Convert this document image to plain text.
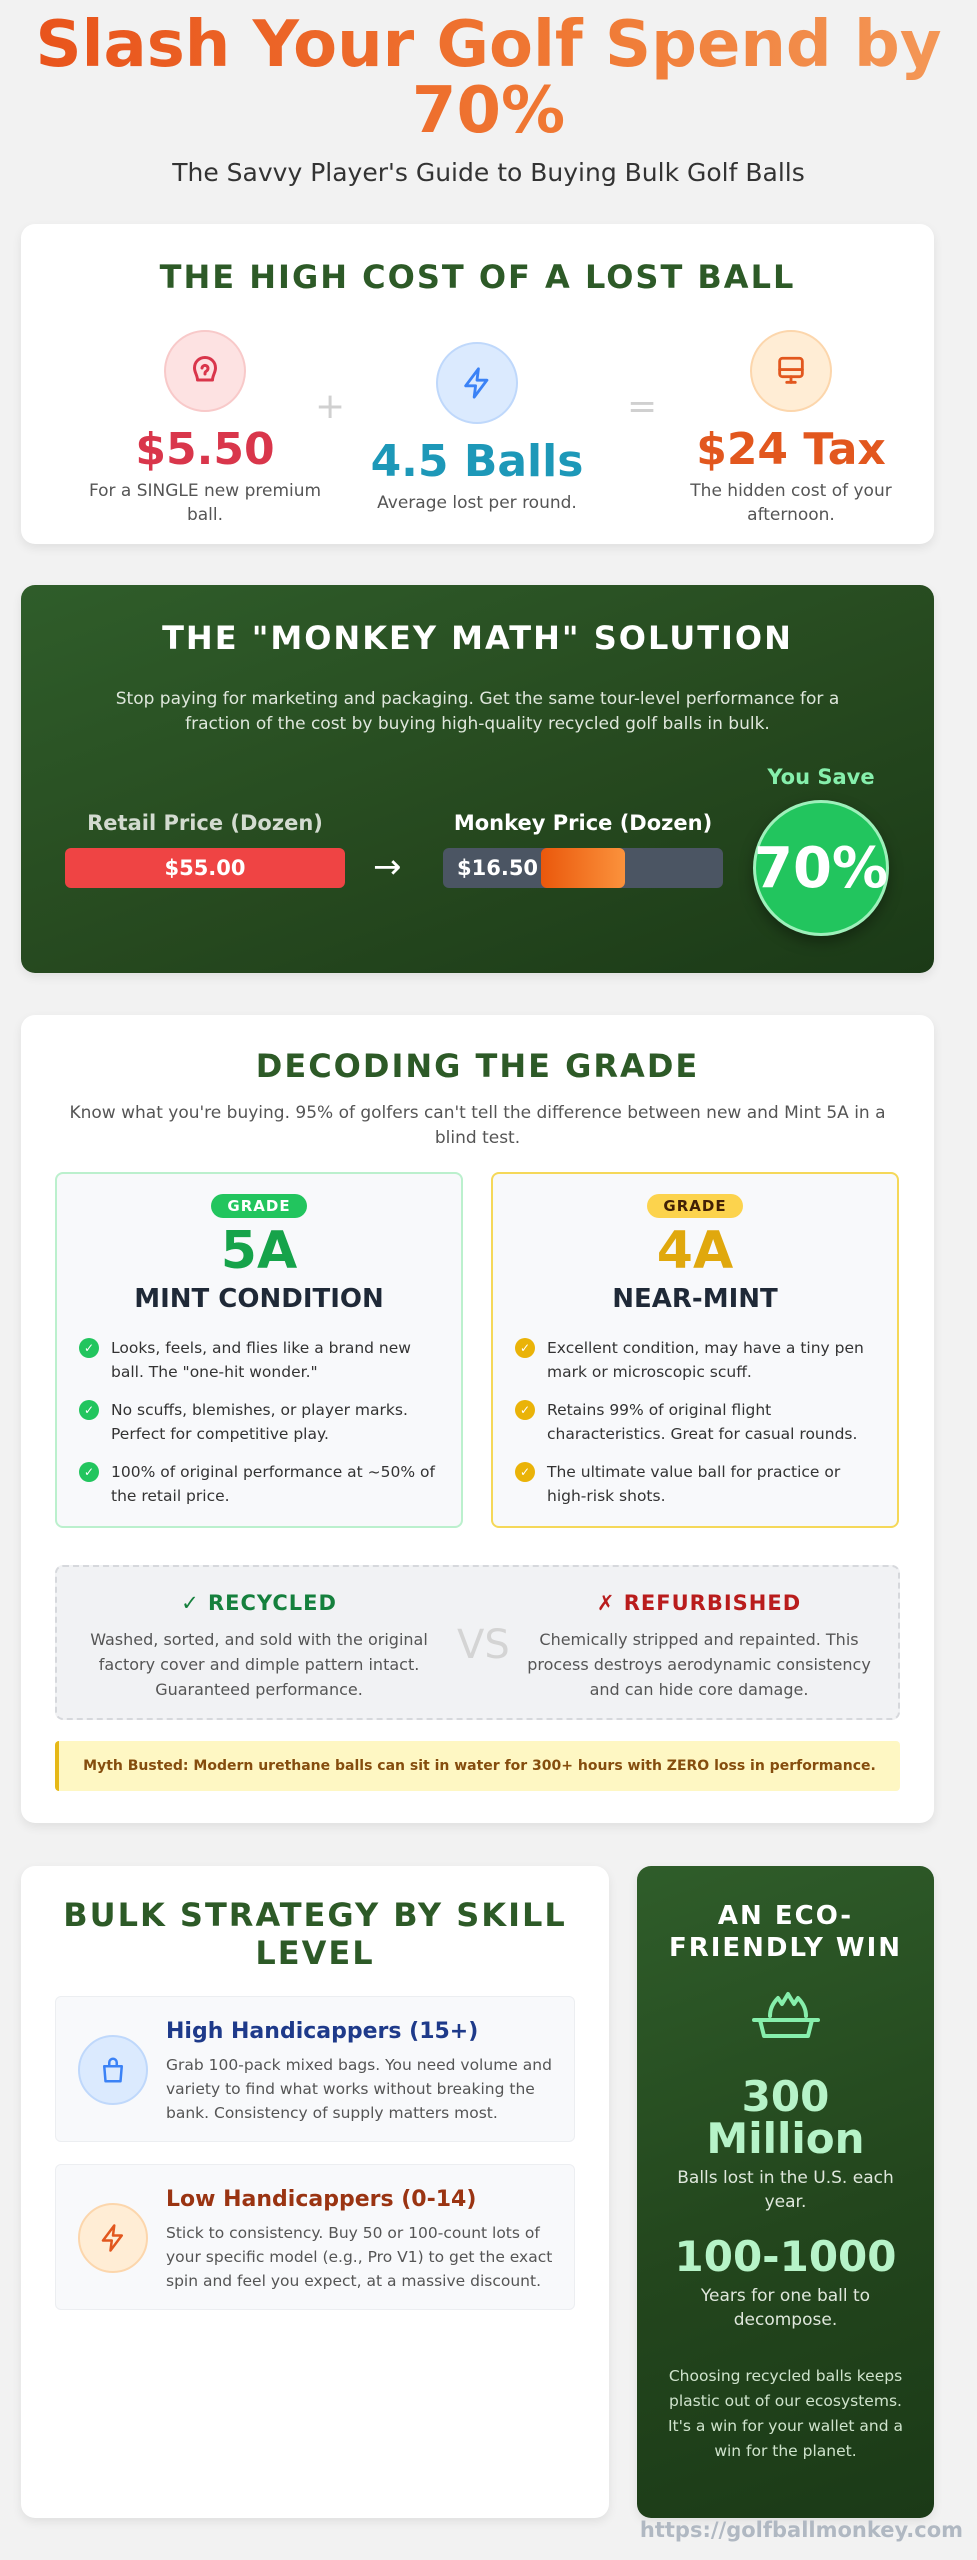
Slash Your Golf Spend by 70%
The Savvy Player's Guide to Buying Bulk Golf Balls
THE HIGH COST OF A LOST BALL
$5.50
For a SINGLE new premium ball.
+
4.5 Balls
Average lost per round.
=
$24 Tax
The hidden cost of your afternoon.
THE "MONKEY MATH" SOLUTION
Stop paying for marketing and packaging. Get the same tour-level performance for a fraction of the cost by buying high-quality recycled golf balls in bulk.
Retail Price (Dozen)
$55.00	→
Monkey Price (Dozen)
$16.50
You Save
70%
DECODING THE GRADE
Know what you're buying. 95% of golfers can't tell the difference between new and Mint 5A in a blind test.
GRADE
5A
MINT CONDITION
✓	Looks, feels, and flies like a brand new ball. The "one-hit wonder."
✓	No scuffs, blemishes, or player marks. Perfect for competitive play.
✓	100% of original performance at ~50% of the retail price.
GRADE
4A
NEAR-MINT
✓	Excellent condition, may have a tiny pen mark or microscopic scuff.
✓	Retains 99% of original flight characteristics. Great for casual rounds.
✓	The ultimate value ball for practice or high-risk shots.
✓ RECYCLED
Washed, sorted, and sold with the original factory cover and dimple pattern intact. Guaranteed performance.
VS
✗ REFURBISHED
Chemically stripped and repainted. This process destroys aerodynamic consistency and can hide core damage.
Myth Busted: Modern urethane balls can sit in water for 300+ hours with ZERO loss in performance.
BULK STRATEGY BY SKILL LEVEL
High Handicappers (15+)
Grab 100-pack mixed bags. You need volume and variety to find what works without breaking the bank. Consistency of supply matters most.
Low Handicappers (0-14)
Stick to consistency. Buy 50 or 100-count lots of your specific model (e.g., Pro V1) to get the exact spin and feel you expect, at a massive discount.
AN ECO-FRIENDLY WIN
300 Million
Balls lost in the U.S. each year.
100-1000
Years for one ball to decompose.
Choosing recycled balls keeps plastic out of our ecosystems. It's a win for your wallet and a win for the planet.
https://golfballmonkey.com
